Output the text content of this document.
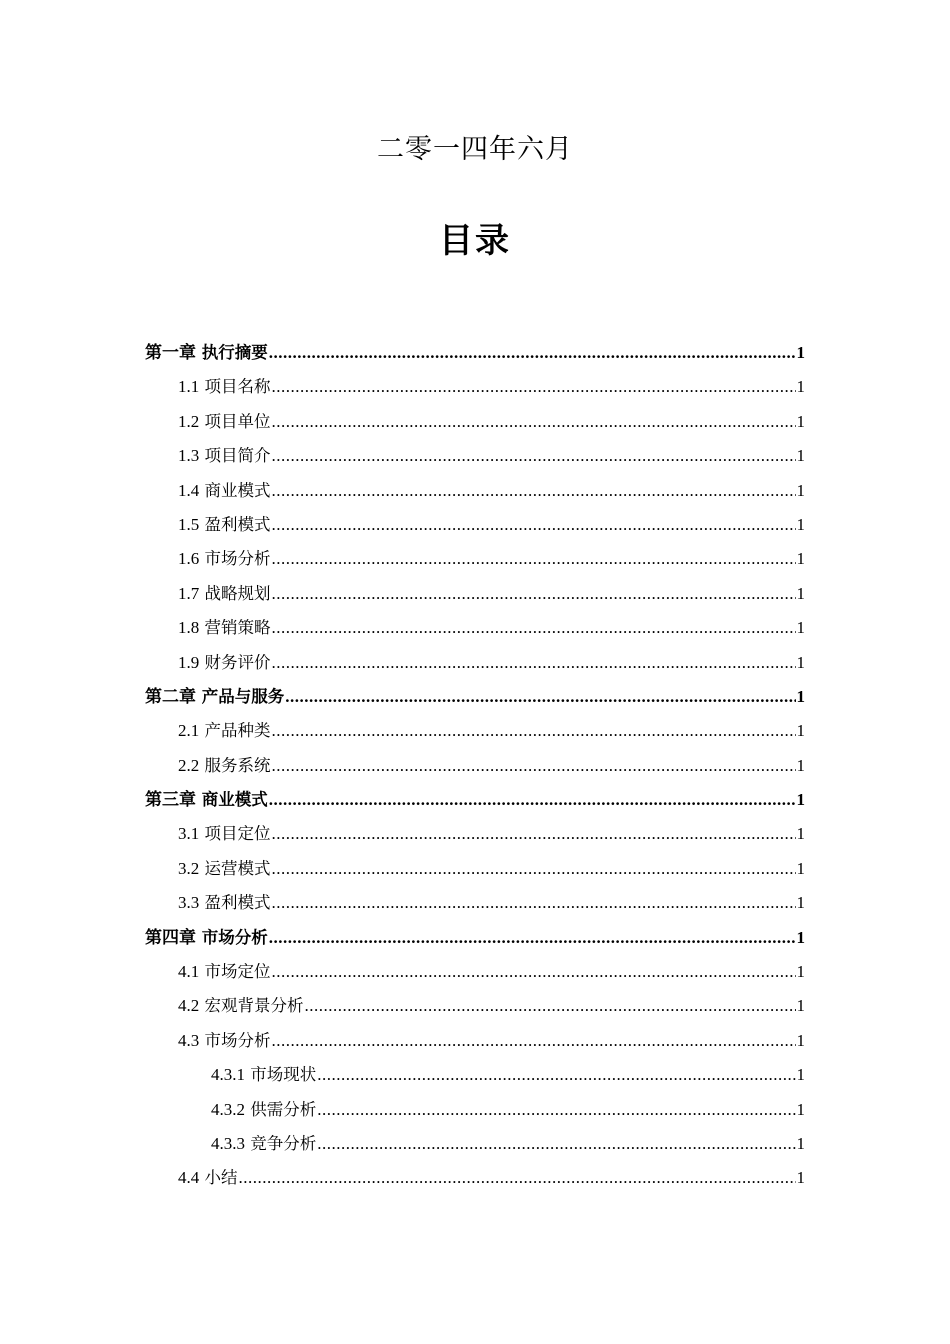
二零一四年六月
目录
第一章 执行摘要 .....	1
1.1 项目名称 .....	1
1.2 项目单位 .....	1
1.3 项目简介 .....	1
1.4 商业模式 .....	1
1.5 盈利模式 .....	1
1.6 市场分析 .....	1
1.7 战略规划 .....	1
1.8 营销策略 .....	1
1.9 财务评价 .....	1
第二章 产品与服务 .....	1
2.1 产品种类 .....	1
2.2 服务系统 .....	1
第三章 商业模式 .....	1
3.1 项目定位 .....	1
3.2 运营模式 .....	1
3.3 盈利模式 .....	1
第四章 市场分析 .....	1
4.1 市场定位 .....	1
4.2 宏观背景分析 .....	1
4.3 市场分析 .....	1
4.3.1 市场现状 .....	1
4.3.2 供需分析 .....	1
4.3.3 竞争分析 .....	1
4.4 小结 .....	1
